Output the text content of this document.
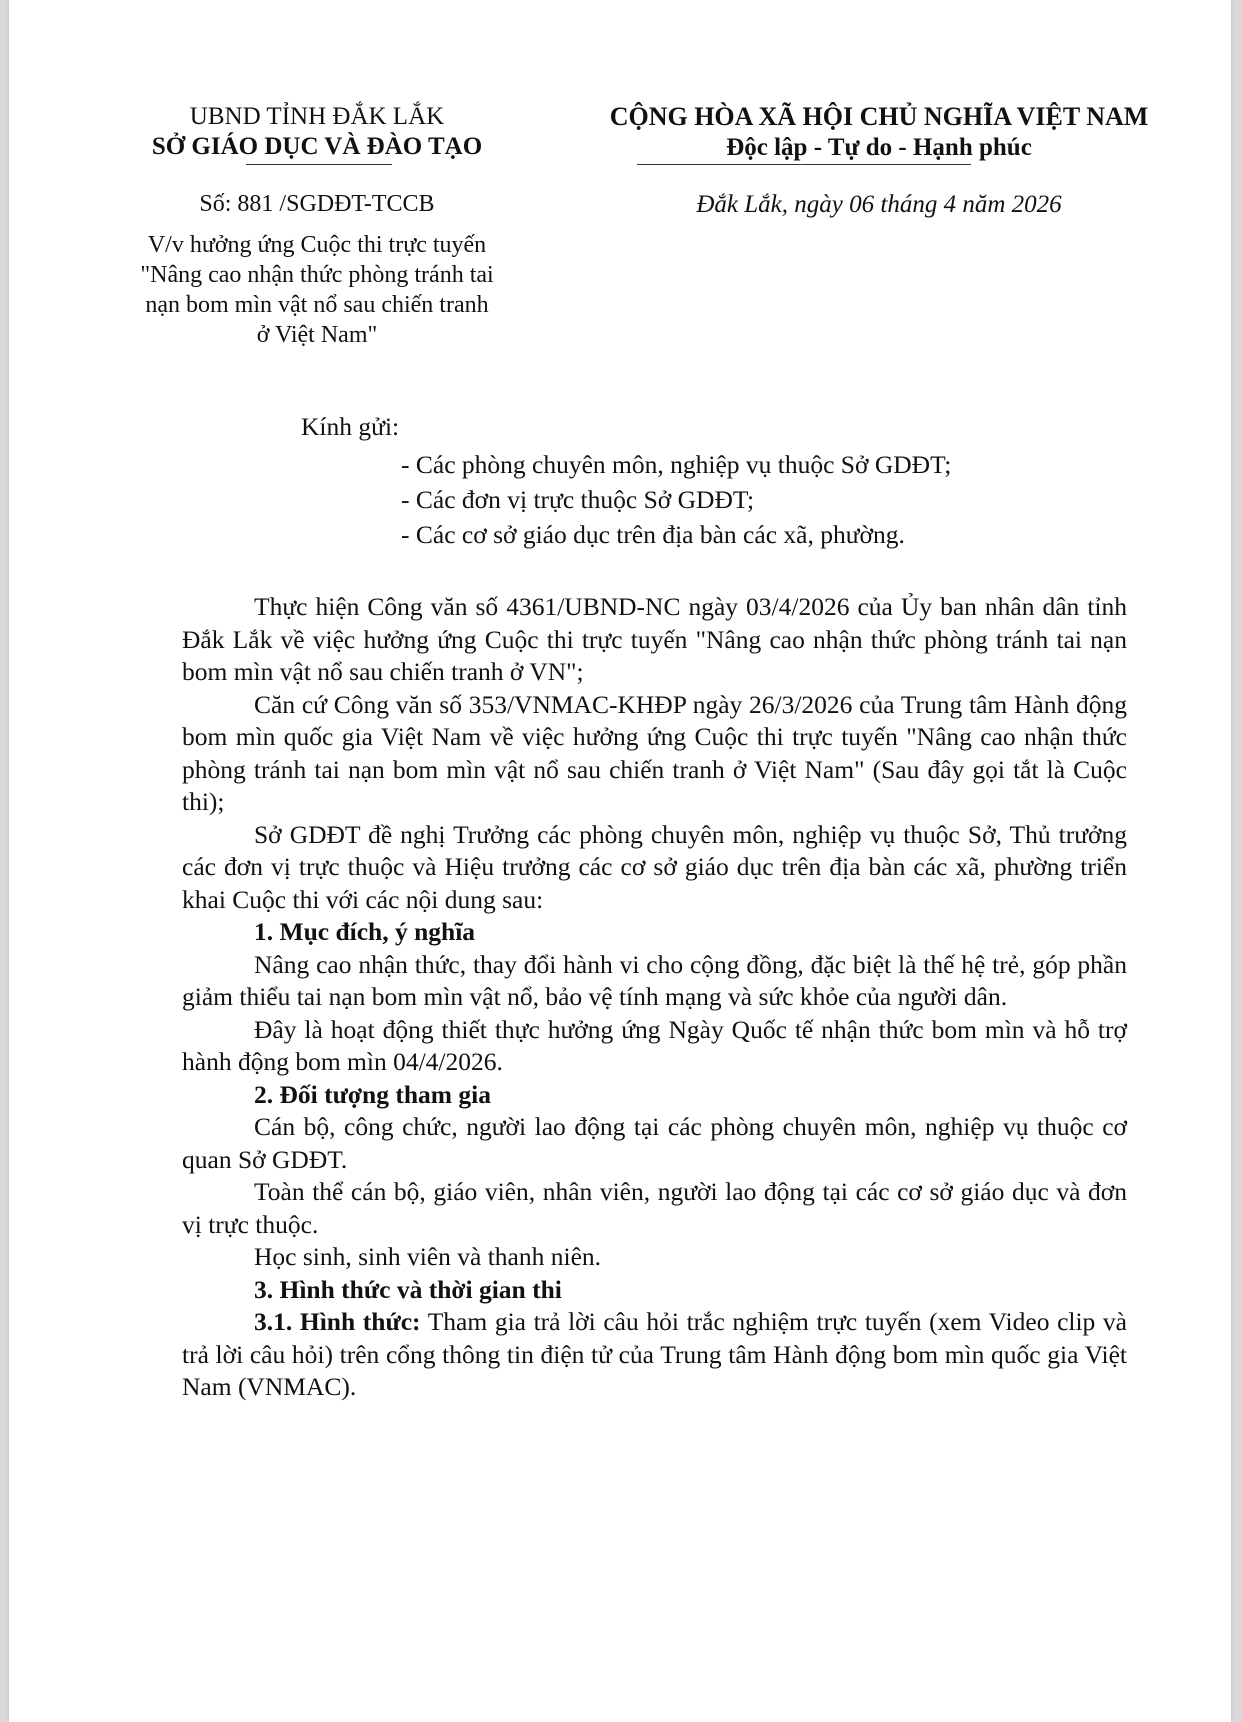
UBND TỈNH ĐẮK LẮK
SỞ GIÁO DỤC VÀ ĐÀO TẠO
Số: 881 /SGDĐT-TCCB
CỘNG HÒA XÃ HỘI CHỦ NGHĨA VIỆT NAM
Độc lập - Tự do - Hạnh phúc
Đắk Lắk, ngày 06 tháng 4 năm 2026
V/v hưởng ứng Cuộc thi trực tuyến
"Nâng cao nhận thức phòng tránh tai
nạn bom mìn vật nổ sau chiến tranh
ở Việt Nam"
Kính gửi:
- Các phòng chuyên môn, nghiệp vụ thuộc Sở GDĐT;
- Các đơn vị trực thuộc Sở GDĐT;
- Các cơ sở giáo dục trên địa bàn các xã, phường.

Thực hiện Công văn số 4361/UBND-NC ngày 03/4/2026 của Ủy ban nhân dân tỉnh Đắk Lắk về việc hưởng ứng Cuộc thi trực tuyến "Nâng cao nhận thức phòng tránh tai nạn bom mìn vật nổ sau chiến tranh ở VN";

Căn cứ Công văn số 353/VNMAC-KHĐP ngày 26/3/2026 của Trung tâm Hành động bom mìn quốc gia Việt Nam về việc hưởng ứng Cuộc thi trực tuyến "Nâng cao nhận thức phòng tránh tai nạn bom mìn vật nổ sau chiến tranh ở Việt Nam" (Sau đây gọi tắt là Cuộc thi);

Sở GDĐT đề nghị Trưởng các phòng chuyên môn, nghiệp vụ thuộc Sở, Thủ trưởng các đơn vị trực thuộc và Hiệu trưởng các cơ sở giáo dục trên địa bàn các xã, phường triển khai Cuộc thi với các nội dung sau:

1. Mục đích, ý nghĩa

Nâng cao nhận thức, thay đổi hành vi cho cộng đồng, đặc biệt là thế hệ trẻ, góp phần giảm thiểu tai nạn bom mìn vật nổ, bảo vệ tính mạng và sức khỏe của người dân.

Đây là hoạt động thiết thực hưởng ứng Ngày Quốc tế nhận thức bom mìn và hỗ trợ hành động bom mìn 04/4/2026.

2. Đối tượng tham gia

Cán bộ, công chức, người lao động tại các phòng chuyên môn, nghiệp vụ thuộc cơ quan Sở GDĐT.

Toàn thể cán bộ, giáo viên, nhân viên, người lao động tại các cơ sở giáo dục và đơn vị trực thuộc.

Học sinh, sinh viên và thanh niên.

3. Hình thức và thời gian thi

3.1. Hình thức: Tham gia trả lời câu hỏi trắc nghiệm trực tuyến (xem Video clip và trả lời câu hỏi) trên cổng thông tin điện tử của Trung tâm Hành động bom mìn quốc gia Việt Nam (VNMAC).
